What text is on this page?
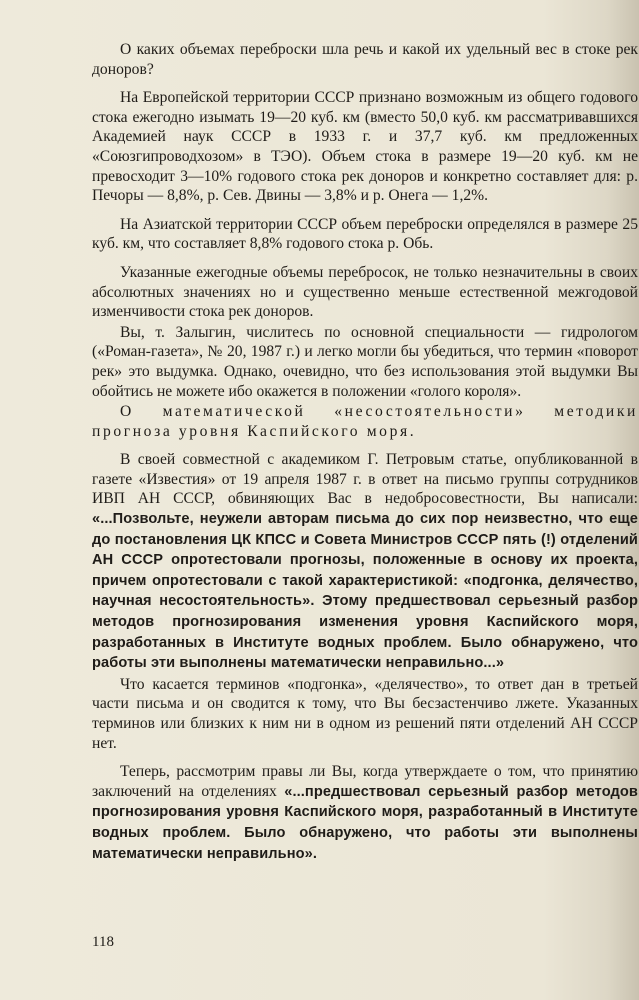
О каких объемах переброски шла речь и какой их удельный вес в стоке рек доноров?

На Европейской территории СССР признано возможным из общего годового стока ежегодно изымать 19—20 куб. км (вместо 50,0 куб. км рассматривавшихся Академией наук СССР в 1933 г. и 37,7 куб. км предложенных «Союзгипроводхозом» в ТЭО). Объем стока в размере 19—20 куб. км не превосходит 3—10% годового стока рек доноров и конкретно составляет для: р. Печоры — 8,8%, р. Сев. Двины — 3,8% и р. Онега — 1,2%.

На Азиатской территории СССР объем переброски определялся в размере 25 куб. км, что составляет 8,8% годового стока р. Обь.

Указанные ежегодные объемы перебросок, не только незначительны в своих абсолютных значениях но и существенно меньше естественной межгодовой изменчивости стока рек доноров.

Вы, т. Залыгин, числитесь по основной специальности — гидрологом («Роман-газета», № 20, 1987 г.) и легко могли бы убедиться, что термин «поворот рек» это выдумка. Однако, очевидно, что без использования этой выдумки Вы обойтись не можете ибо окажется в положении «голого короля».

О математической «несостоятельности» методики прогноза уровня Каспийского моря.

В своей совместной с академиком Г. Петровым статье, опубликованной в газете «Известия» от 19 апреля 1987 г. в ответ на письмо группы сотрудников ИВП АН СССР, обвиняющих Вас в недобросовестности, Вы написали: «...Позвольте, неужели авторам письма до сих пор неизвестно, что еще до постановления ЦК КПСС и Совета Министров СССР пять (!) отделений АН СССР опротестовали прогнозы, положенные в основу их проекта, причем опротестовали с такой характеристикой: «подгонка, делячество, научная несостоятельность». Этому предшествовал серьезный разбор методов прогнозирования изменения уровня Каспийского моря, разработанных в Институте водных проблем. Было обнаружено, что работы эти выполнены математически неправильно...»

Что касается терминов «подгонка», «делячество», то ответ дан в третьей части письма и он сводится к тому, что Вы бесзастенчиво лжете. Указанных терминов или близких к ним ни в одном из решений пяти отделений АН СССР нет.

Теперь, рассмотрим правы ли Вы, когда утверждаете о том, что принятию заключений на отделениях «...предшествовал серьезный разбор методов прогнозирования уровня Каспийского моря, разработанный в Институте водных проблем. Было обнаружено, что работы эти выполнены математически неправильно».

118
